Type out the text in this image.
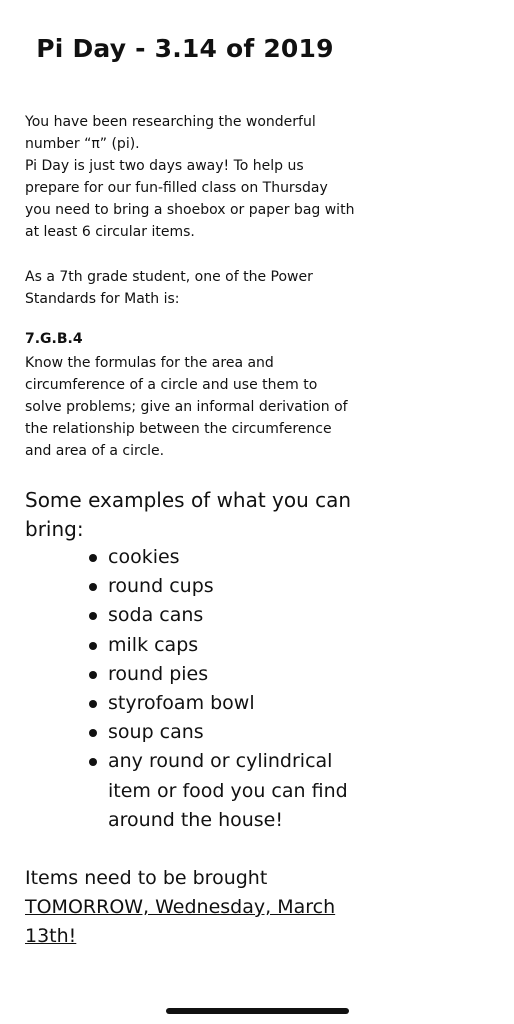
Pi Day - 3.14 of 2019

You have been researching the wonderful number “π” (pi).
Pi Day is just two days away! To help us prepare for our fun-filled class on Thursday you need to bring a shoebox or paper bag with at least 6 circular items.

As a 7th grade student, one of the Power Standards for Math is:

7.G.B.4

Know the formulas for the area and circumference of a circle and use them to solve problems; give an informal derivation of the relationship between the circumference and area of a circle.

Some examples of what you can bring:

cookies
round cups
soda cans
milk caps
round pies
styrofoam bowl
soup cans
any round or cylindrical item or food you can find around the house!

Items need to be brought
TOMORROW, Wednesday, March 13th!
